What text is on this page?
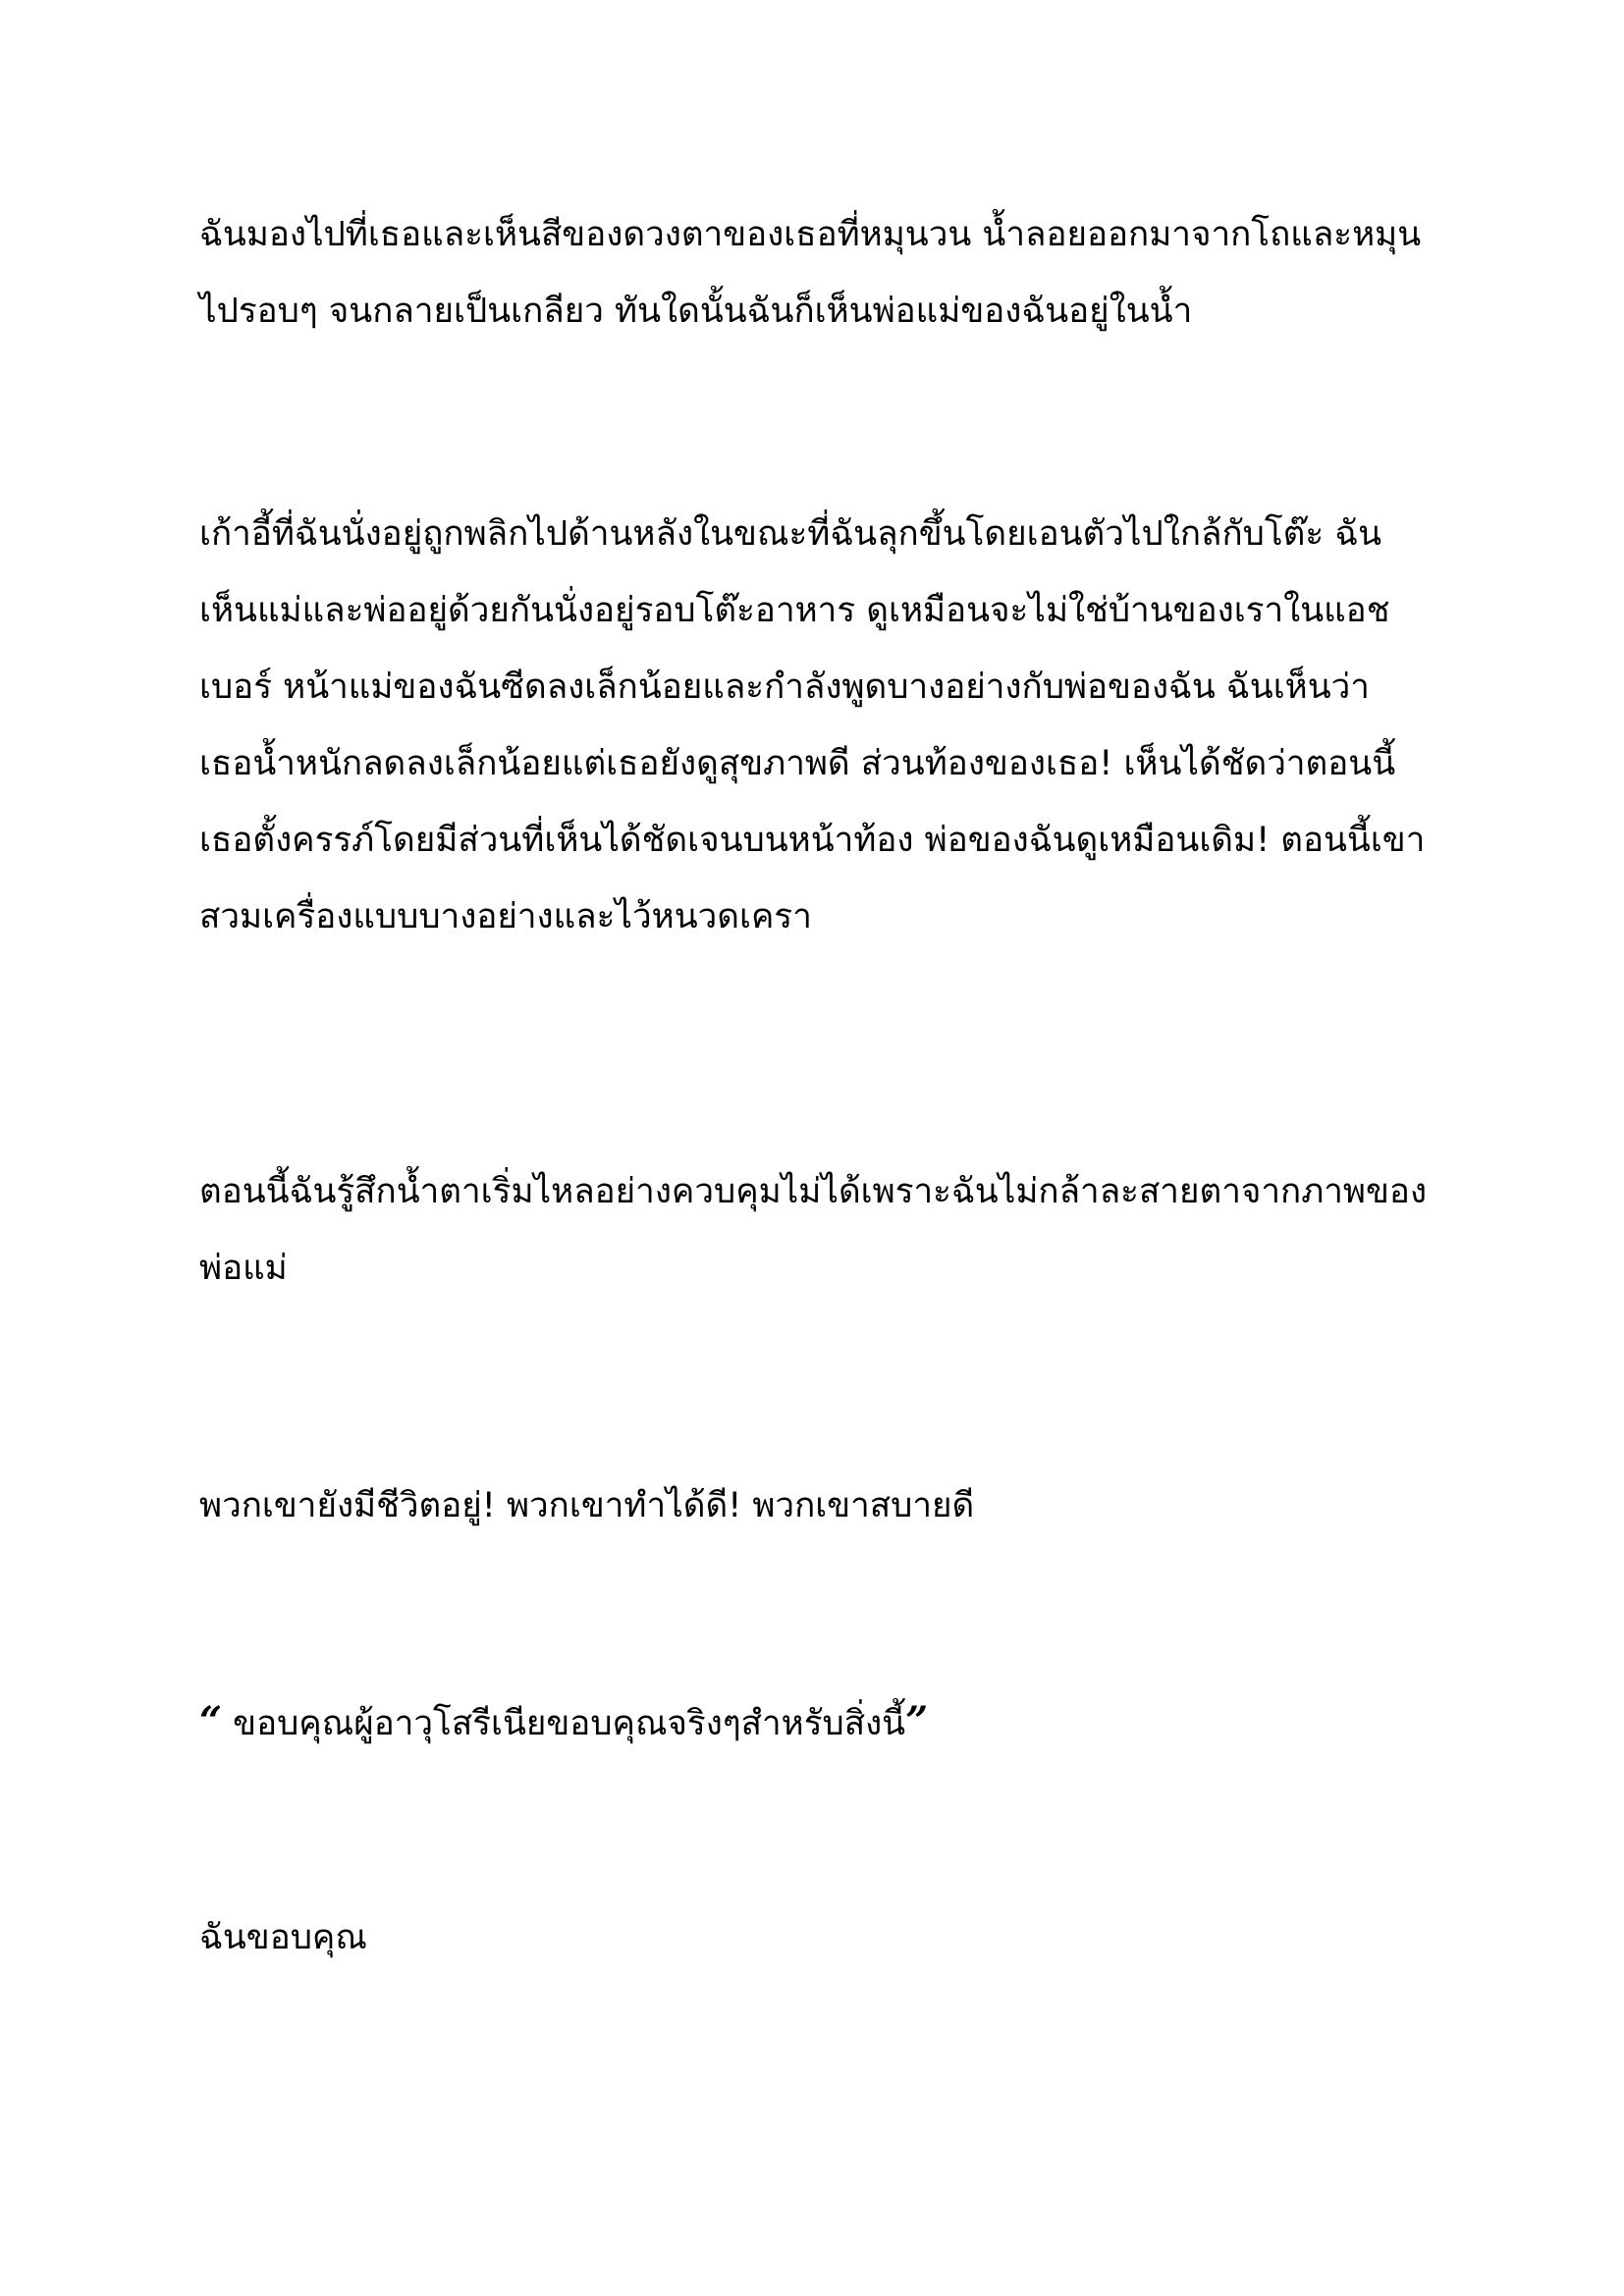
ฉันมองไปที่เธอและเห็นสีของดวงตาของเธอที่หมุนวน น้ำลอยออกมาจากโถและหมุน
ไปรอบๆ จนกลายเป็นเกลียว ทันใดนั้นฉันก็เห็นพ่อแม่ของฉันอยู่ในน้ำ

เก้าอี้ที่ฉันนั่งอยู่ถูกพลิกไปด้านหลังในขณะที่ฉันลุกขึ้นโดยเอนตัวไปใกล้กับโต๊ะ ฉัน
เห็นแม่และพ่ออยู่ด้วยกันนั่งอยู่รอบโต๊ะอาหาร ดูเหมือนจะไม่ใช่บ้านของเราในแอช
เบอร์ หน้าแม่ของฉันซีดลงเล็กน้อยและกำลังพูดบางอย่างกับพ่อของฉัน ฉันเห็นว่า
เธอน้ำหนักลดลงเล็กน้อยแต่เธอยังดูสุขภาพดี ส่วนท้องของเธอ! เห็นได้ชัดว่าตอนนี้
เธอตั้งครรภ์โดยมีส่วนที่เห็นได้ชัดเจนบนหน้าท้อง พ่อของฉันดูเหมือนเดิม! ตอนนี้เขา
สวมเครื่องแบบบางอย่างและไว้หนวดเครา

ตอนนี้ฉันรู้สึกน้ำตาเริ่มไหลอย่างควบคุมไม่ได้เพราะฉันไม่กล้าละสายตาจากภาพของ
พ่อแม่

พวกเขายังมีชีวิตอยู่! พวกเขาทำได้ดี! พวกเขาสบายดี

“ ขอบคุณผู้อาวุโสรีเนียขอบคุณจริงๆสำหรับสิ่งนี้”

ฉันขอบคุณ
